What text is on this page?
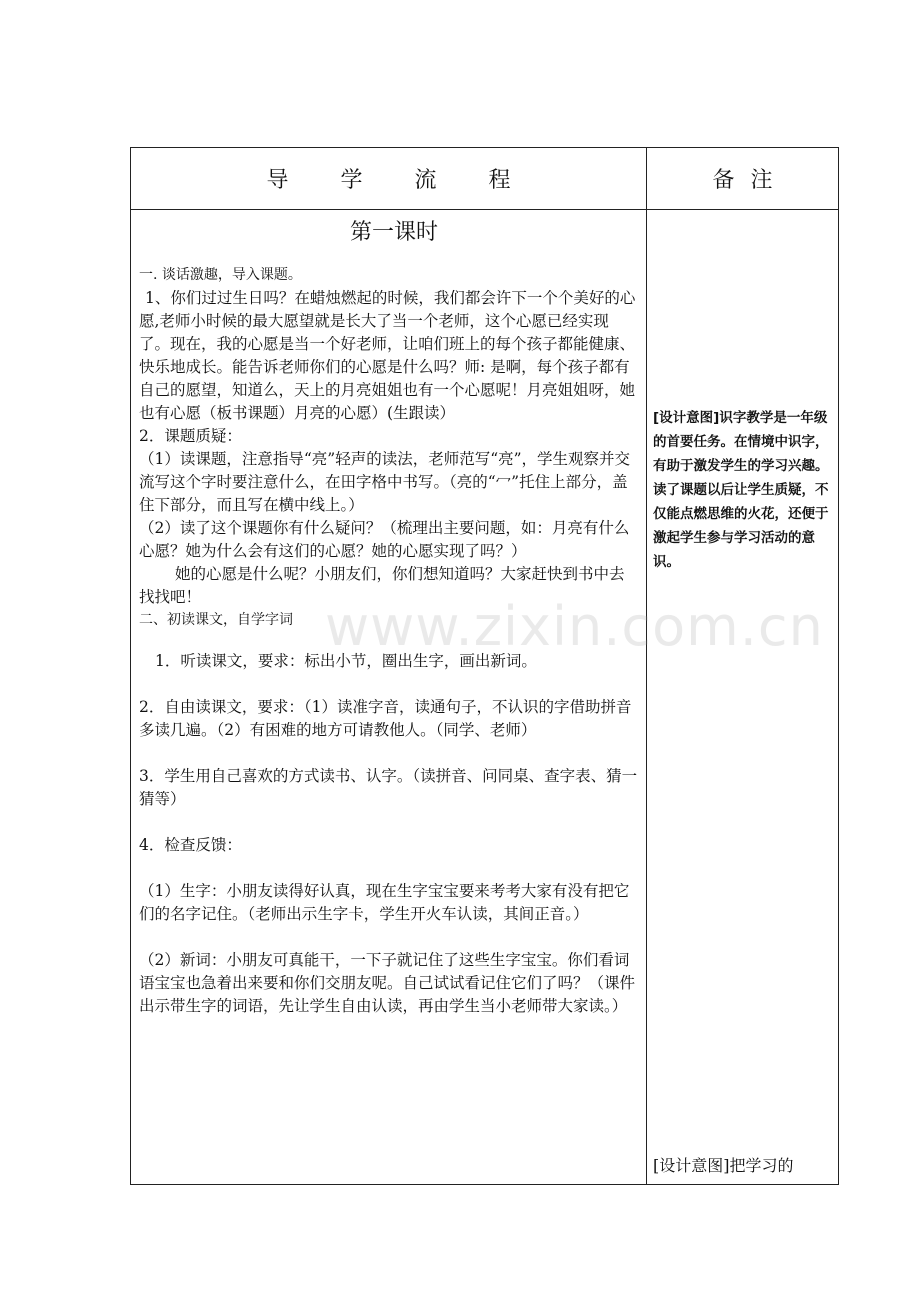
导学流程	备注

第一课时

一. 谈话激趣，导入课题。

1、你们过过生日吗？在蜡烛燃起的时候，我们都会许下一个个美好的心愿,老师小时候的最大愿望就是长大了当一个老师，这个心愿已经实现了。现在，我的心愿是当一个好老师，让咱们班上的每个孩子都能健康、快乐地成长。能告诉老师你们的心愿是什么吗？师: 是啊，每个孩子都有自己的愿望，知道么，天上的月亮姐姐也有一个心愿呢！月亮姐姐呀，她也有心愿（板书课题）月亮的心愿）(生跟读）

2．课题质疑：

（1）读课题，注意指导“亮”轻声的读法，老师范写“亮”，学生观察并交流写这个字时要注意什么，在田字格中书写。（亮的“冖”托住上部分，盖住下部分，而且写在横中线上。）

（2）读了这个课题你有什么疑问？（梳理出主要问题，如：月亮有什么心愿？她为什么会有这们的心愿？她的心愿实现了吗？）

她的心愿是什么呢？小朋友们，你们想知道吗？大家赶快到书中去找找吧！

二、初读课文，自学字词

1．听读课文，要求：标出小节，圈出生字，画出新词。

2．自由读课文，要求：（1）读准字音，读通句子，不认识的字借助拼音多读几遍。（2）有困难的地方可请教他人。（同学、老师）

3．学生用自己喜欢的方式读书、认字。（读拼音、问同桌、查字表、猜一猜等）

4．检查反馈：

（1）生字：小朋友读得好认真，现在生字宝宝要来考考大家有没有把它们的名字记住。（老师出示生字卡，学生开火车认读，其间正音。）

（2）新词：小朋友可真能干，一下子就记住了这些生字宝宝。你们看词语宝宝也急着出来要和你们交朋友呢。自己试试看记住它们了吗？（课件出示带生字的词语，先让学生自由认读，再由学生当小老师带大家读。）

[设计意图]识字教学是一年级的首要任务。在情境中识字，有助于激发学生的学习兴趣。读了课题以后让学生质疑，不仅能点燃思维的火花，还便于激起学生参与学习活动的意识。
[设计意图]把学习的
www.zixin.com.cn
